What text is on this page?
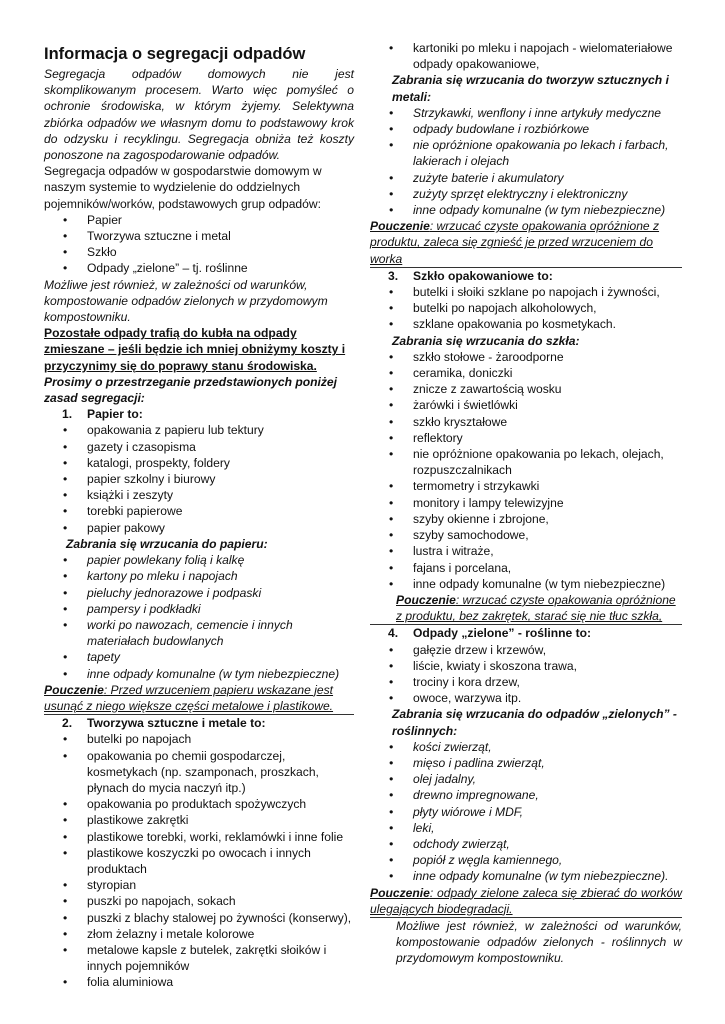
Informacja o segregacji odpadów

Segregacja odpadów domowych nie jest skomplikowanym procesem. Warto więc pomyśleć o ochronie środowiska, w którym żyjemy. Selektywna zbiórka odpadów we własnym domu to podstawowy krok do odzysku i recyklingu. Segregacja obniża też koszty ponoszone na zagospodarowanie odpadów.

Segregacja odpadów w gospodarstwie domowym w naszym systemie to wydzielenie do oddzielnych pojemników/worków, podstawowych grup odpadów:

• Papier
• Tworzywa sztuczne i metal
• Szkło
• Odpady „zielone” – tj. roślinne

Możliwe jest również, w zależności od warunków, kompostowanie odpadów zielonych w przydomowym kompostowniku.

Pozostałe odpady trafią do kubła na odpady zmieszane – jeśli będzie ich mniej obniżymy koszty i przyczynimy się do poprawy stanu środowiska.

Prosimy o przestrzeganie przedstawionych poniżej zasad segregacji:

1. Papier to:
• opakowania z papieru lub tektury
• gazety i czasopisma
• katalogi, prospekty, foldery
• papier szkolny i biurowy
• książki i zeszyty
• torebki papierowe
• papier pakowy

Zabrania się wrzucania do papieru:

• papier powlekany folią i kalkę
• kartony po mleku i napojach
• pieluchy jednorazowe i podpaski
• pampersy i podkładki
• worki po nawozach, cemencie i innych materiałach budowlanych
• tapety
• inne odpady komunalne (w tym niebezpieczne)

Pouczenie: Przed wrzuceniem papieru wskazane jest usunąć z niego większe części metalowe i plastikowe.

2. Tworzywa sztuczne i metale to:
• butelki po napojach
• opakowania po chemii gospodarczej, kosmetykach (np. szamponach, proszkach, płynach do mycia naczyń itp.)
• opakowania po produktach spożywczych
• plastikowe zakrętki
• plastikowe torebki, worki, reklamówki i inne folie
• plastikowe koszyczki po owocach i innych produktach
• styropian
• puszki po napojach, sokach
• puszki z blachy stalowej po żywności (konserwy),
• złom żelazny i metale kolorowe
• metalowe kapsle z butelek, zakrętki słoików i innych pojemników
• folia aluminiowa
• kartoniki po mleku i napojach - wielomateriałowe odpady opakowaniowe,

Zabrania się wrzucania do tworzyw sztucznych i metali:

• Strzykawki, wenflony i inne artykuły medyczne
• odpady budowlane i rozbiórkowe
• nie opróżnione opakowania po lekach i farbach, lakierach i olejach
• zużyte baterie i akumulatory
• zużyty sprzęt elektryczny i elektroniczny
• inne odpady komunalne (w tym niebezpieczne)

Pouczenie: wrzucać czyste opakowania opróżnione z produktu, zaleca się zgnieść je przed wrzuceniem do worka

3. Szkło opakowaniowe to:
• butelki i słoiki szklane po napojach i żywności,
• butelki po napojach alkoholowych,
• szklane opakowania po kosmetykach.

Zabrania się wrzucania do szkła:

• szkło stołowe - żaroodporne
• ceramika, doniczki
• znicze z zawartością wosku
• żarówki i świetlówki
• szkło kryształowe
• reflektory
• nie opróżnione opakowania po lekach, olejach, rozpuszczalnikach
• termometry i strzykawki
• monitory i lampy telewizyjne
• szyby okienne i zbrojone,
• szyby samochodowe,
• lustra i witraże,
• fajans i porcelana,
• inne odpady komunalne (w tym niebezpieczne)

Pouczenie: wrzucać czyste opakowania opróżnione z produktu, bez zakrętek, starać się nie tłuc szkła,

4. Odpady „zielone” - roślinne to:
• gałęzie drzew i krzewów,
• liście, kwiaty i skoszona trawa,
• trociny i kora drzew,
• owoce, warzywa itp.

Zabrania się wrzucania do odpadów „zielonych” - roślinnych:

• kości zwierząt,
• mięso i padlina zwierząt,
• olej jadalny,
• drewno impregnowane,
• płyty wiórowe i MDF,
• leki,
• odchody zwierząt,
• popiół z węgla kamiennego,
• inne odpady komunalne (w tym niebezpieczne).

Pouczenie: odpady zielone zaleca się zbierać do worków ulegających biodegradacji.

Możliwe jest również, w zależności od warunków, kompostowanie odpadów zielonych - roślinnych w przydomowym kompostowniku.
